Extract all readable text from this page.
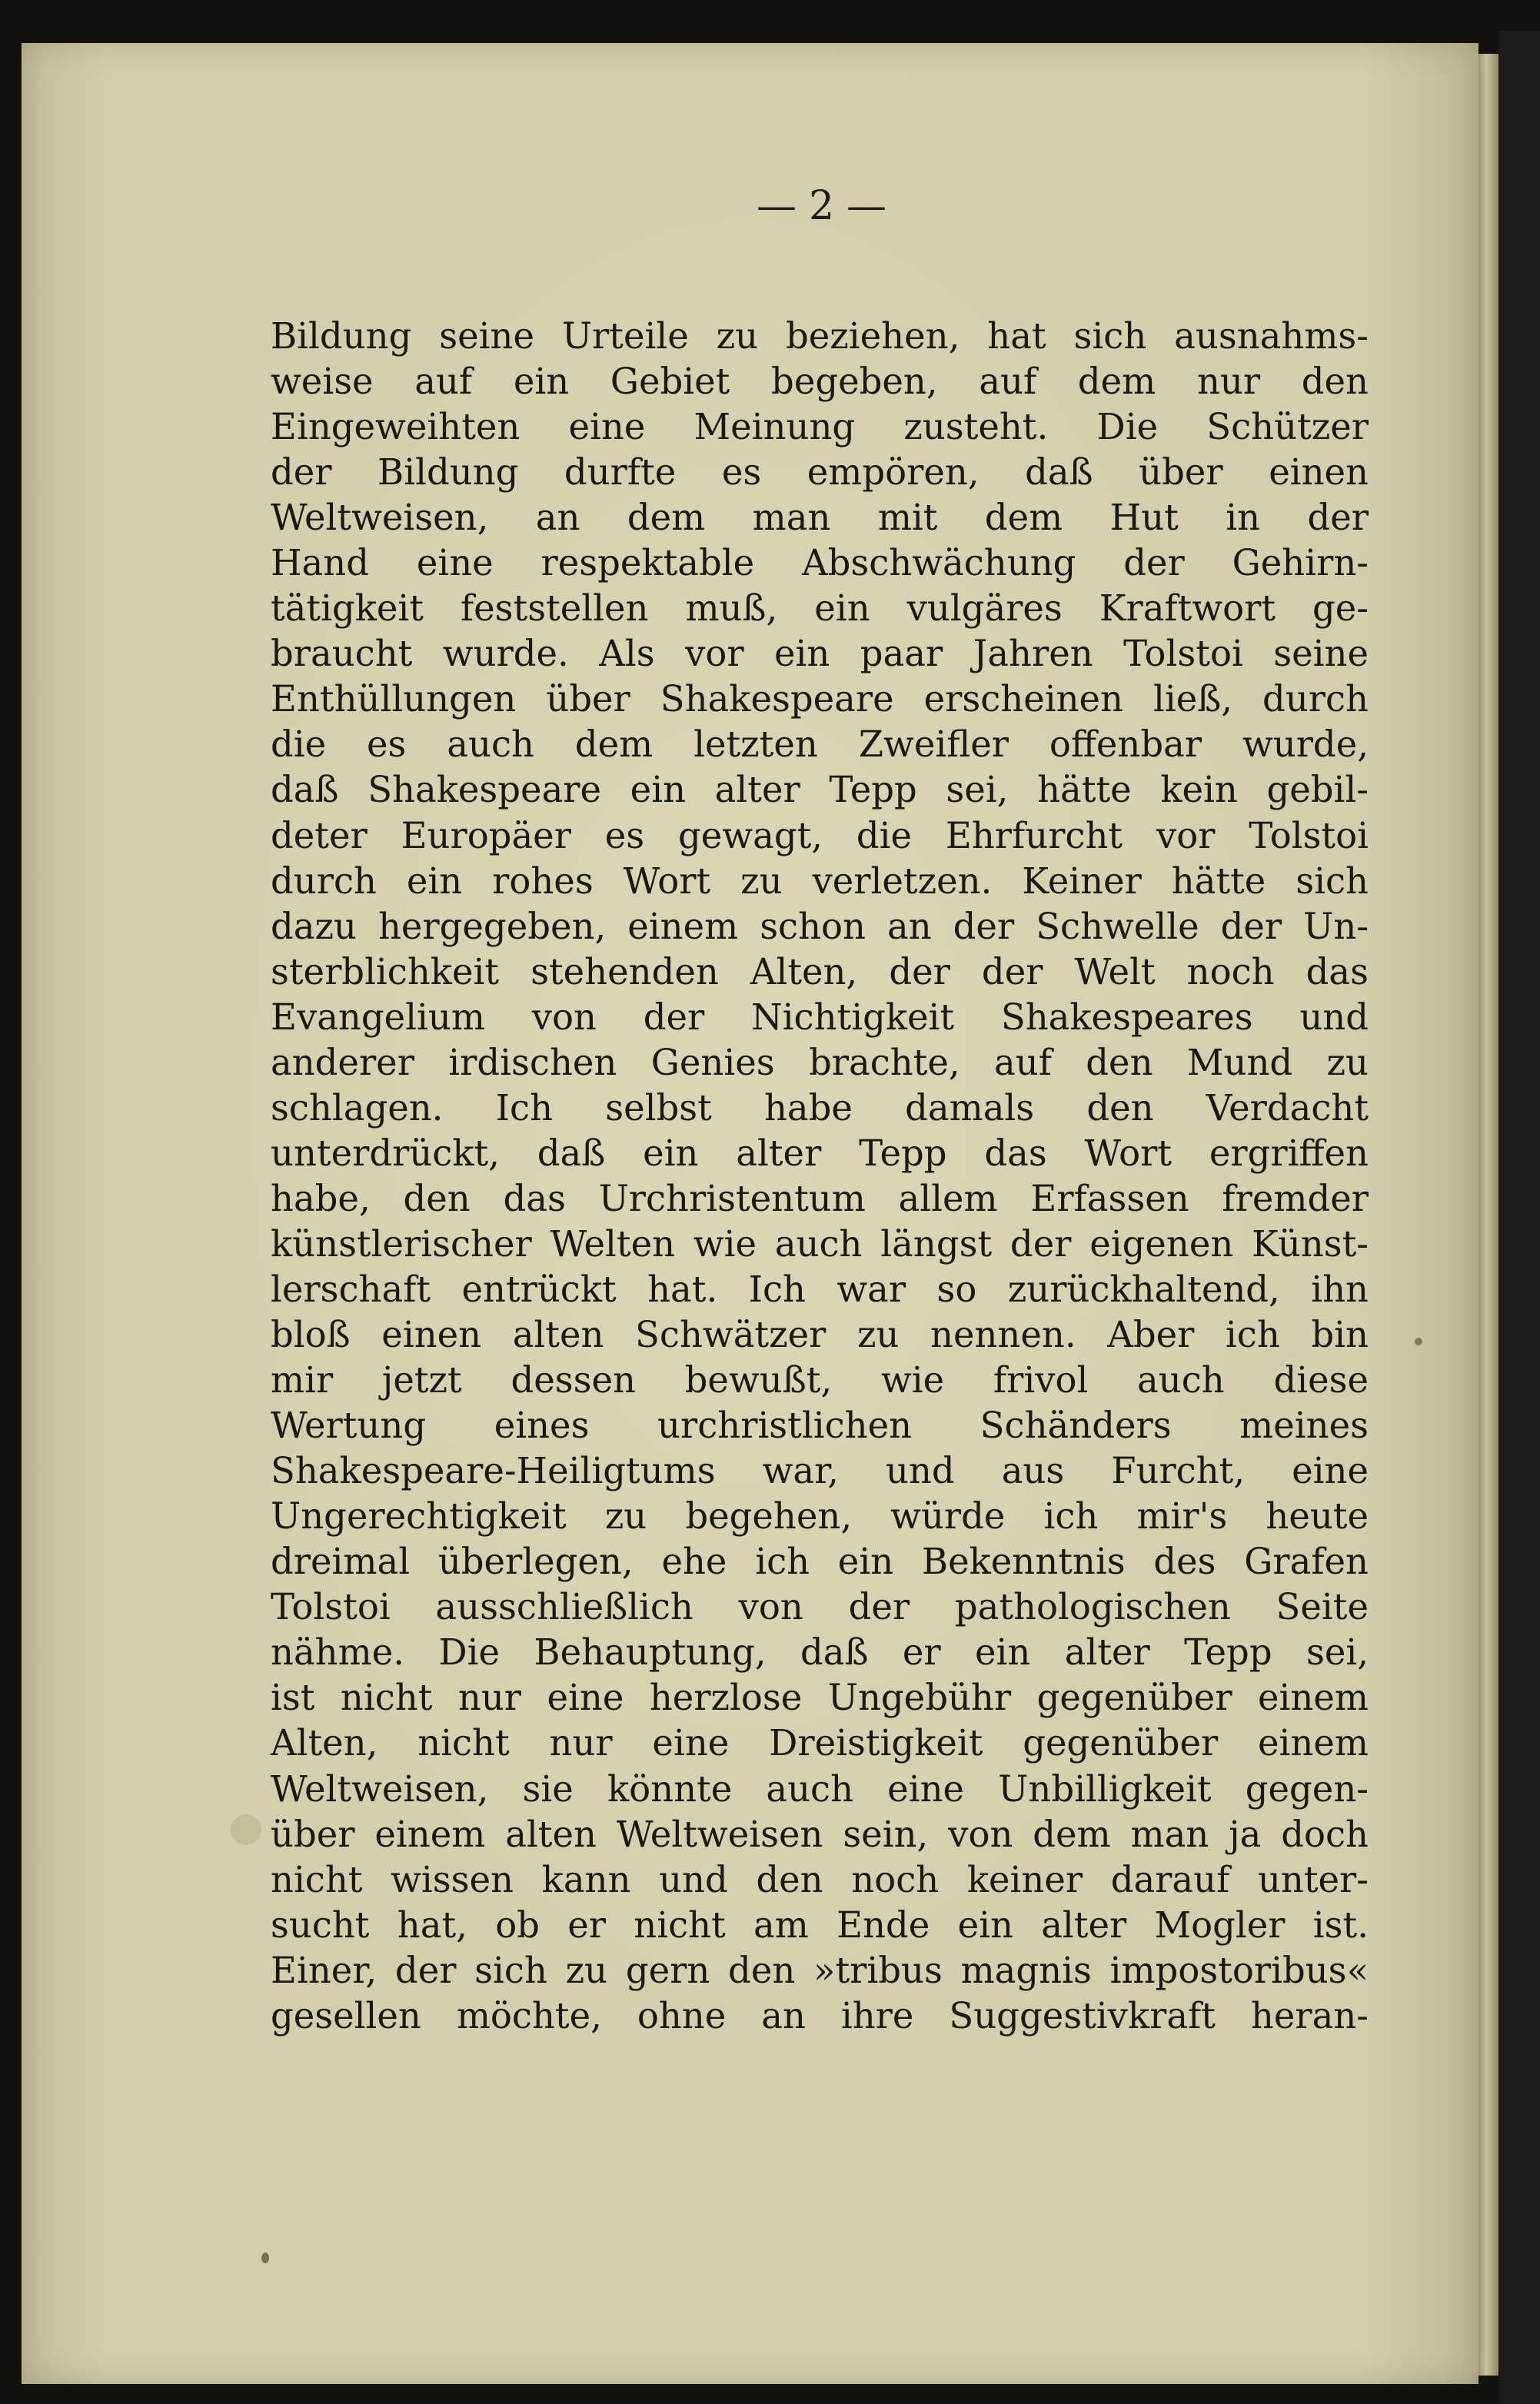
— 2 —
Bildung seine Urteile zu beziehen, hat sich ausnahms-
weise auf ein Gebiet begeben, auf dem nur den
Eingeweihten eine Meinung zusteht. Die Schützer
der Bildung durfte es empören, daß über einen
Weltweisen, an dem man mit dem Hut in der
Hand eine respektable Abschwächung der Gehirn-
tätigkeit feststellen muß, ein vulgäres Kraftwort ge-
braucht wurde. Als vor ein paar Jahren Tolstoi seine
Enthüllungen über Shakespeare erscheinen ließ, durch
die es auch dem letzten Zweifler offenbar wurde,
daß Shakespeare ein alter Tepp sei, hätte kein gebil-
deter Europäer es gewagt, die Ehrfurcht vor Tolstoi
durch ein rohes Wort zu verletzen. Keiner hätte sich
dazu hergegeben, einem schon an der Schwelle der Un-
sterblichkeit stehenden Alten, der der Welt noch das
Evangelium von der Nichtigkeit Shakespeares und
anderer irdischen Genies brachte, auf den Mund zu
schlagen. Ich selbst habe damals den Verdacht
unterdrückt, daß ein alter Tepp das Wort ergriffen
habe, den das Urchristentum allem Erfassen fremder
künstlerischer Welten wie auch längst der eigenen Künst-
lerschaft entrückt hat. Ich war so zurückhaltend, ihn
bloß einen alten Schwätzer zu nennen. Aber ich bin
mir jetzt dessen bewußt, wie frivol auch diese
Wertung eines urchristlichen Schänders meines
Shakespeare-Heiligtums war, und aus Furcht, eine
Ungerechtigkeit zu begehen, würde ich mir's heute
dreimal überlegen, ehe ich ein Bekenntnis des Grafen
Tolstoi ausschließlich von der pathologischen Seite
nähme. Die Behauptung, daß er ein alter Tepp sei,
ist nicht nur eine herzlose Ungebühr gegenüber einem
Alten, nicht nur eine Dreistigkeit gegenüber einem
Weltweisen, sie könnte auch eine Unbilligkeit gegen-
über einem alten Weltweisen sein, von dem man ja doch
nicht wissen kann und den noch keiner darauf unter-
sucht hat, ob er nicht am Ende ein alter Mogler ist.
Einer, der sich zu gern den »tribus magnis impostoribus«
gesellen möchte, ohne an ihre Suggestivkraft heran-
